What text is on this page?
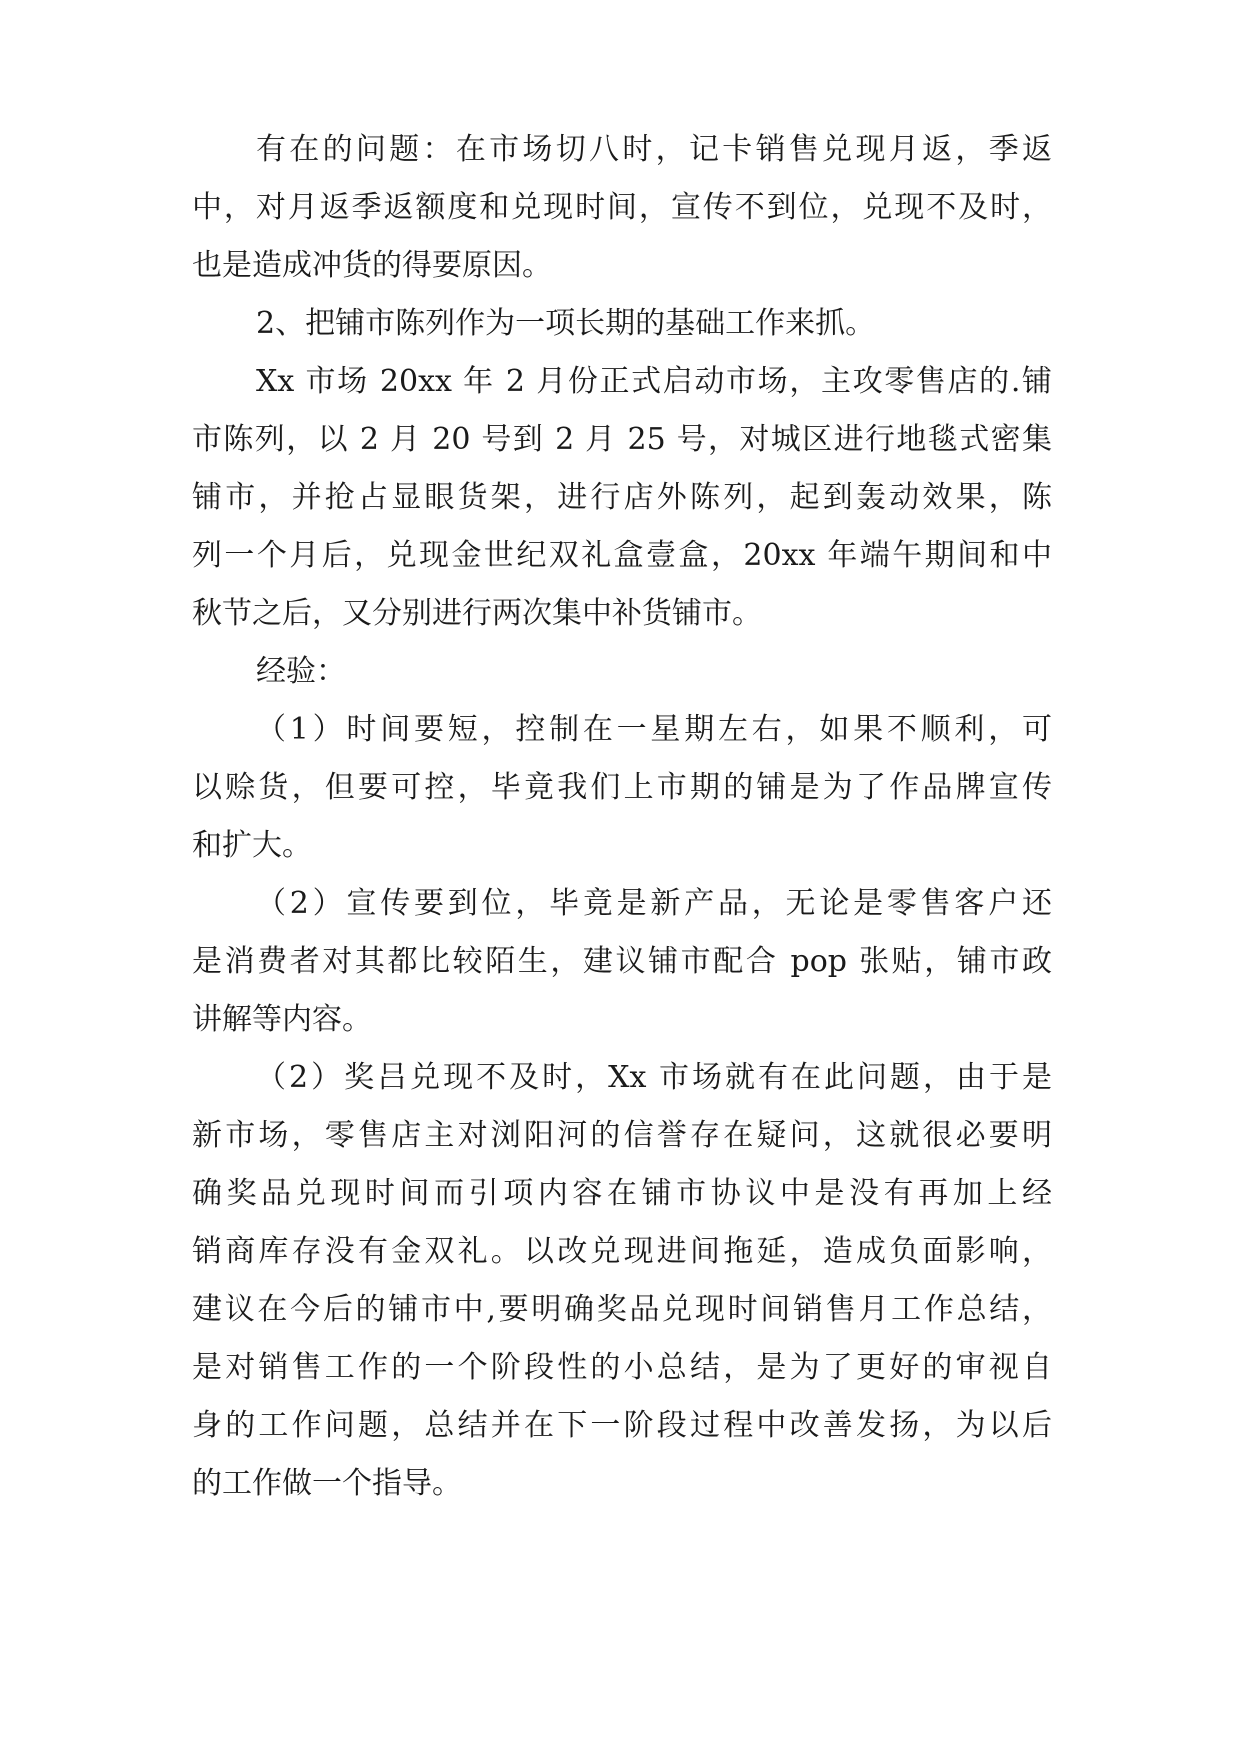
有在的问题：在市场切八时，记卡销售兑现月返，季返
中，对月返季返额度和兑现时间，宣传不到位，兑现不及时，
也是造成冲货的得要原因。
2、把铺市陈列作为一项长期的基础工作来抓。
Xx 市场 20xx 年 2 月份正式启动市场，主攻零售店的.铺
市陈列，以 2 月 20 号到 2 月 25 号，对城区进行地毯式密集
铺市，并抢占显眼货架，进行店外陈列，起到轰动效果，陈
列一个月后，兑现金世纪双礼盒壹盒，20xx 年端午期间和中
秋节之后，又分别进行两次集中补货铺市。
经验：
（1）时间要短，控制在一星期左右，如果不顺利，可
以赊货，但要可控，毕竟我们上市期的铺是为了作品牌宣传
和扩大。
（2）宣传要到位，毕竟是新产品，无论是零售客户还
是消费者对其都比较陌生，建议铺市配合 pop 张贴，铺市政
讲解等内容。
（2）奖吕兑现不及时，Xx 市场就有在此问题，由于是
新市场，零售店主对浏阳河的信誉存在疑问，这就很必要明
确奖品兑现时间而引项内容在铺市协议中是没有再加上经
销商库存没有金双礼。以改兑现进间拖延，造成负面影响，
建议在今后的铺市中,要明确奖品兑现时间销售月工作总结，
是对销售工作的一个阶段性的小总结，是为了更好的审视自
身的工作问题，总结并在下一阶段过程中改善发扬，为以后
的工作做一个指导。
